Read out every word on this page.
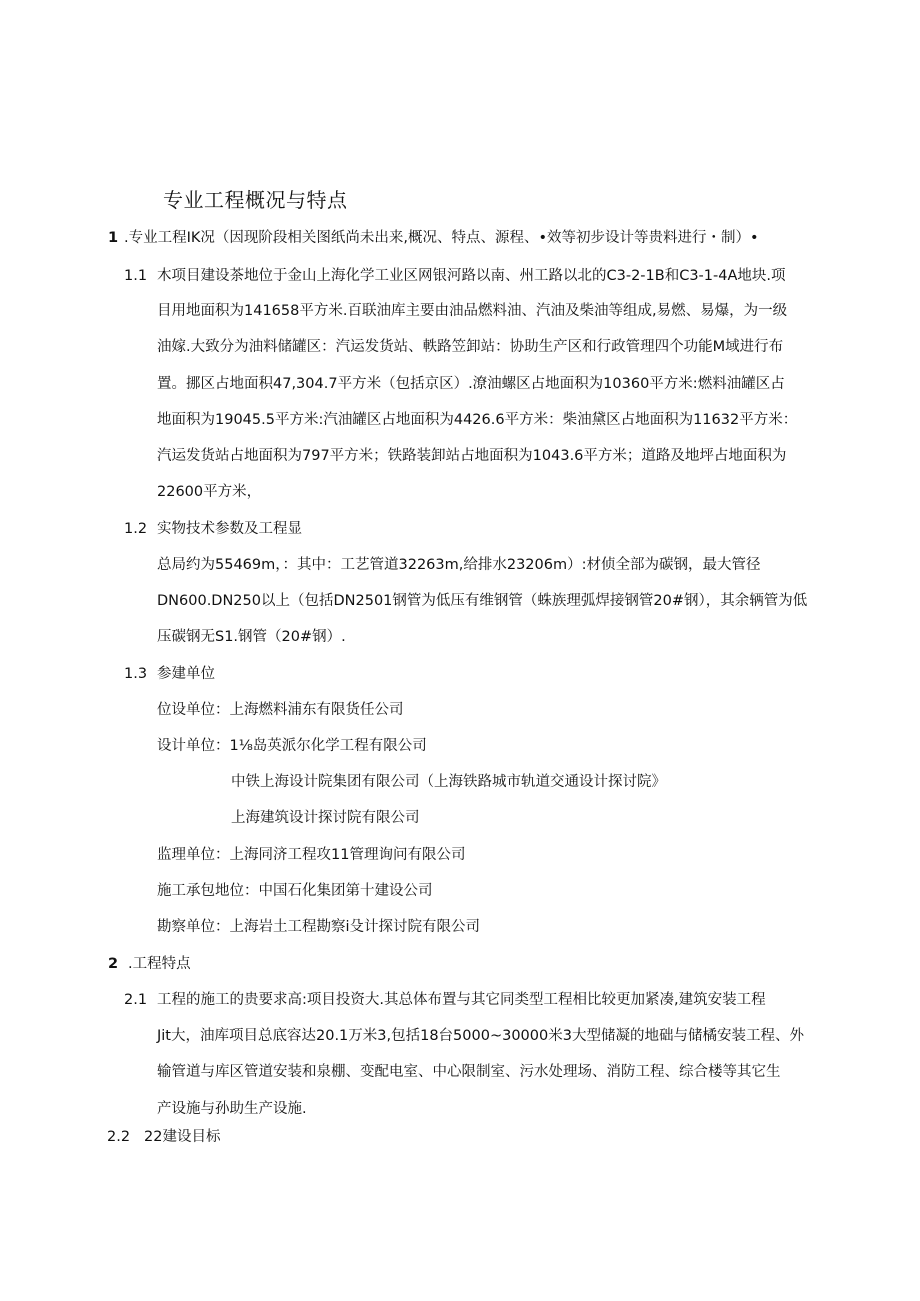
专业工程概况与特点
1 .专业工程IK况（因现阶段相关图纸尚未出来,概况、特点、源程、•效等初步设计等贵料进行・制）•
1.1 木项目建设茶地位于金山上海化学工业区网银河路以南、州工路以北的C3-2-1B和C3-1-4A地块.项
目用地面积为141658平方米.百联油库主要由油品燃料油、汽油及柴油等组成,易燃、易爆，为一级
油嫁.大致分为油料储罐区：汽运发货站、軼路笠卸站：协助生产区和行政管理四个功能M域进行布
置。挪区占地面积47,304.7平方米（包括京区）.潦油螺区占地面积为10360平方米:燃料油罐区占
地面积为19045.5平方米:汽油罐区占地面积为4426.6平方米：柴油黛区占地面积为11632平方米：
汽运发货站占地面积为797平方米；铁路装卸站占地面积为1043.6平方米；道路及地坪占地面积为
22600平方米，
1.2 实物技术参数及工程显
总局约为55469m，：其中：工艺管道32263m,给排水23206m）:材侦全部为碳钢，最大管径
DN600.DN250以上（包括DN2501钢管为低压有维钢管（蛛族理弧焊接钢管20#钢），其余辆管为低
压碳钢无S1.钢管（20#钢）.
1.3 参建单位
位设单位：上海燃料浦东有限货任公司
设计单位：1⅛岛英派尔化学工程有限公司
中铁上海设计院集团有限公司（上海铁路城市轨道交通设计探讨院》
上海建筑设计探讨院有限公司
监理单位：上海同济工程攻11管理询问有限公司
施工承包地位：中国石化集团第十建设公司
勘察单位：上海岩土工程勘察i殳计探讨院有限公司
2 .工程特点
2.1 工程的施工的贵要求高:项目投资大.其总体布置与其它同类型工程相比较更加紧凑,建筑安装工程
Jit大，油库项目总底容达20.1万米3,包括18台5000~30000米3大型储凝的地础与储橘安装工程、外
输管道与库区管道安装和泉棚、变配电室、中心限制室、污水处理场、消防工程、综合楼等其它生
产设施与孙助生产设施.
2.2 22建设目标
